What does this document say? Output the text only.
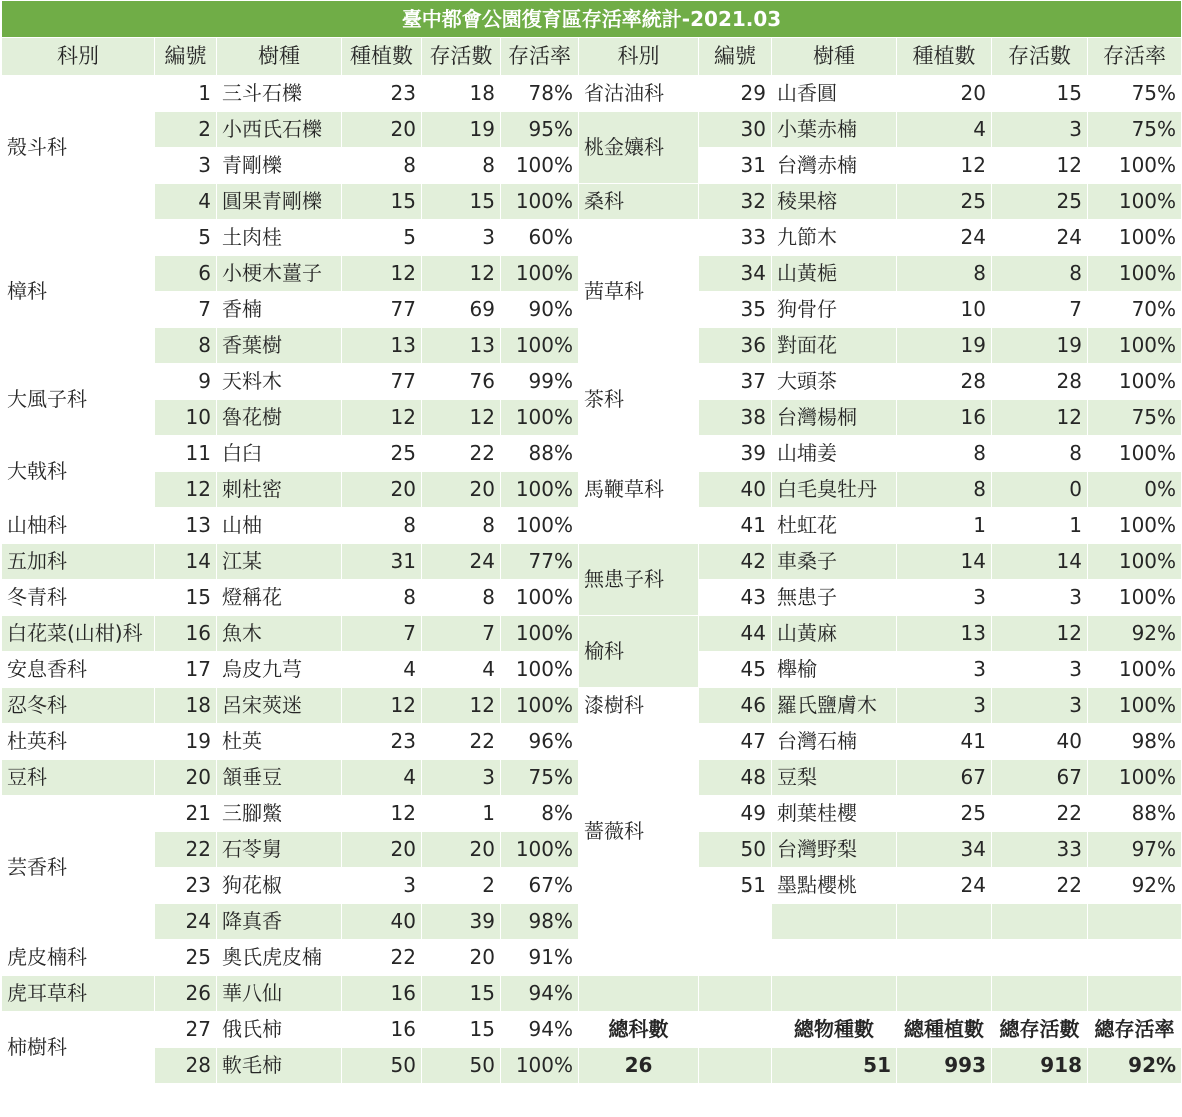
臺中都會公園復育區存活率統計-2021.03												
科別	編號	樹種	種植數	存活數	存活率	科別	編號	樹種	種植數	存活數	存活率	
殼斗科	1	三斗石櫟	23	18	78%	省沽油科	29	山香圓	20	15	75%	
	2	小西氏石櫟	20	19	95%	桃金孃科	30	小葉赤楠	4	3	75%	
	3	青剛櫟	8	8	100%		31	台灣赤楠	12	12	100%	
	4	圓果青剛櫟	15	15	100%	桑科	32	稜果榕	25	25	100%	
樟科	5	土肉桂	5	3	60%	茜草科	33	九節木	24	24	100%	
	6	小梗木薑子	12	12	100%		34	山黃梔	8	8	100%	
	7	香楠	77	69	90%		35	狗骨仔	10	7	70%	
	8	香葉樹	13	13	100%		36	對面花	19	19	100%	
大風子科	9	天料木	77	76	99%	茶科	37	大頭茶	28	28	100%	
	10	魯花樹	12	12	100%		38	台灣楊桐	16	12	75%	
大戟科	11	白臼	25	22	88%	馬鞭草科	39	山埔姜	8	8	100%	
	12	刺杜密	20	20	100%		40	白毛臭牡丹	8	0	0%	
山柚科	13	山柚	8	8	100%		41	杜虹花	1	1	100%	
五加科	14	江某	31	24	77%	無患子科	42	車桑子	14	14	100%	
冬青科	15	燈稱花	8	8	100%		43	無患子	3	3	100%	
白花菜(山柑)科	16	魚木	7	7	100%	榆科	44	山黃麻	13	12	92%	
安息香科	17	烏皮九芎	4	4	100%		45	櫸榆	3	3	100%	
忍冬科	18	呂宋莢迷	12	12	100%	漆樹科	46	羅氏鹽膚木	3	3	100%	
杜英科	19	杜英	23	22	96%	薔薇科	47	台灣石楠	41	40	98%	
豆科	20	頷垂豆	4	3	75%		48	豆梨	67	67	100%	
芸香科	21	三腳鱉	12	1	8%		49	刺葉桂櫻	25	22	88%	
	22	石苓舅	20	20	100%		50	台灣野梨	34	33	97%	
	23	狗花椒	3	2	67%		51	墨點櫻桃	24	22	92%	
	24	降真香	40	39	98%							
虎皮楠科	25	奧氏虎皮楠	22	20	91%							
虎耳草科	26	華八仙	16	15	94%							
柿樹科	27	俄氏柿	16	15	94%	總科數		總物種數	總種植數	總存活數	總存活率	
	28	軟毛柿	50	50	100%	26		51	993	918	92%	
